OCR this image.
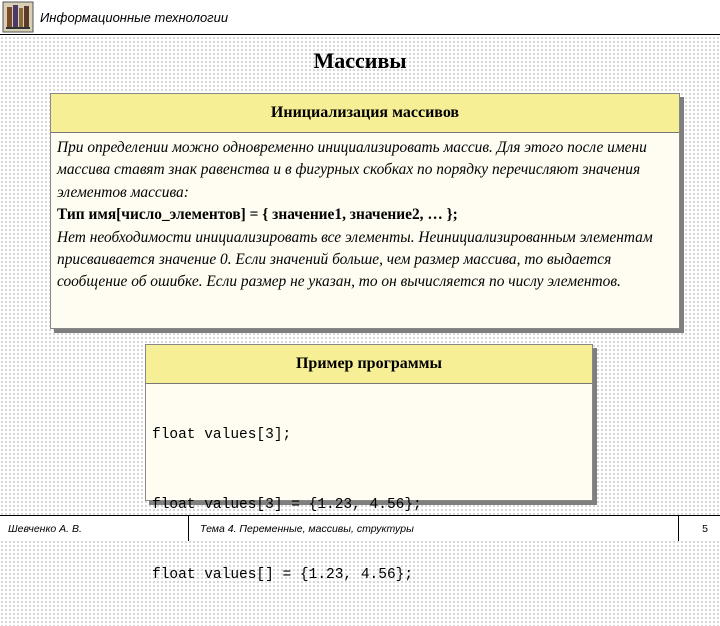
Информационные технологии
Массивы
Инициализация массивов
При определении можно одновременно инициализировать массив. Для этого после имени массива ставят знак равенства и в фигурных скобках по порядку перечисляют значения элементов массива:
Тип имя[число_элементов] = { значение1, значение2, … };
Нет необходимости инициализировать все элементы. Неинициализированным элементам присваивается значение 0. Если значений больше, чем размер массива, то выдается сообщение об ошибке. Если размер не указан, то он вычисляется по числу элементов.
Пример программы

float values[3];

float values[3] = {1.23, 4.56};

float values[] = {1.23, 4.56};

Шевченко А. В.	Тема 4. Переменные, массивы, структуры	5
